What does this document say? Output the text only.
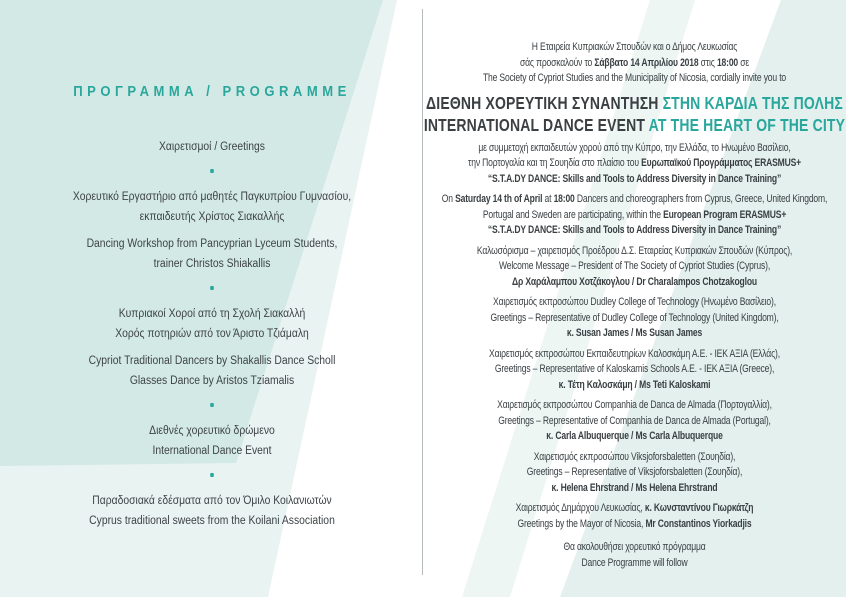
ΠΡΟΓΡΑΜΜΑ / PROGRAMME
Χαιρετισμοί / Greetings
Χορευτικό Εργαστήριο από μαθητές Παγκυπρίου Γυμνασίου,
εκπαιδευτής Χρίστος Σιακαλλής
Dancing Workshop from Pancyprian Lyceum Students,
trainer Christos Shiakallis
Κυπριακοί Χοροί από τη Σχολή Σιακαλλή
Χορός ποτηριών από τον Άριστο Τζιάμαλη
Cypriot Traditional Dancers by Shakallis Dance Scholl
Glasses Dance by Aristos Tziamalis
Διεθνές χορευτικό δρώμενο
International Dance Event
Παραδοσιακά εδέσματα από τον Όμιλο Κοιλανιωτών
Cyprus traditional sweets from the Koilani Association
Η Εταιρεία Κυπριακών Σπουδών και ο Δήμος Λευκωσίας
σάς προσκαλούν το Σάββατο 14 Απριλίου 2018 στις 18:00 σε
The Society of Cypriot Studies and the Municipality of Nicosia, cordially invite you to
ΔΙΕΘΝΗ ΧΟΡΕΥΤΙΚΗ ΣΥΝΑΝΤΗΣΗ ΣΤΗΝ ΚΑΡΔΙΑ ΤΗΣ ΠΟΛΗΣ
INTERNATIONAL DANCE EVENT AT THE HEART OF THE CITY
με συμμετοχή εκπαιδευτών χορού από την Κύπρο, την Ελλάδα, το Ηνωμένο Βασίλειο,
την Πορτογαλία και τη Σουηδία στο πλαίσιο του Ευρωπαϊκού Προγράμματος ERASMUS+
“S.T.A.DY DANCE: Skills and Tools to Address Diversity in Dance Training”
On Saturday 14 th of April at 18:00 Dancers and choreographers from Cyprus, Greece, United Kingdom,
Portugal and Sweden are participating, within the European Program ERASMUS+
“S.T.A.DY DANCE: Skills and Tools to Address Diversity in Dance Training”
Καλωσόρισμα – χαιρετισμός Προέδρου Δ.Σ. Εταιρείας Κυπριακών Σπουδών (Κύπρος),
Welcome Message – President of The Society of Cypriot Studies (Cyprus),
Δρ Χαράλαμπου Χοτζάκογλου / Dr Charalampos Chotzakoglou
Χαιρετισμός εκπροσώπου Dudley College of Technology (Ηνωμένο Βασίλειο),
Greetings – Representative of Dudley College of Technology (United Kingdom),
κ. Susan James / Ms Susan James
Χαιρετισμός εκπροσώπου Εκπαιδευτηρίων Καλοσκάμη Α.Ε. - ΙΕΚ ΑΞΙΑ (Ελλάς),
Greetings – Representative of Kaloskamis Schools A.E. - ΙΕΚ ΑΞΙΑ (Greece),
κ. Τέτη Καλοσκάμη / Ms Teti Kaloskami
Χαιρετισμός εκπροσώπου Companhia de Danca de Almada (Πορτογαλλία),
Greetings – Representative of Companhia de Danca de Almada (Portugal),
κ. Carla Albuquerque / Ms Carla Albuquerque
Χαιρετισμός εκπροσώπου Viksjoforsbaletten (Σουηδία),
Greetings – Representative of Viksjoforsbaletten (Σουηδία),
κ. Helena Ehrstrand / Ms Helena Ehrstrand
Χαιρετισμός Δημάρχου Λευκωσίας, κ. Κωνσταντίνου Γιωρκάτζη
Greetings by the Mayor of Nicosia, Mr Constantinos Yiorkadjis
Θα ακολουθήσει χορευτικό πρόγραμμα
Dance Programme will follow
